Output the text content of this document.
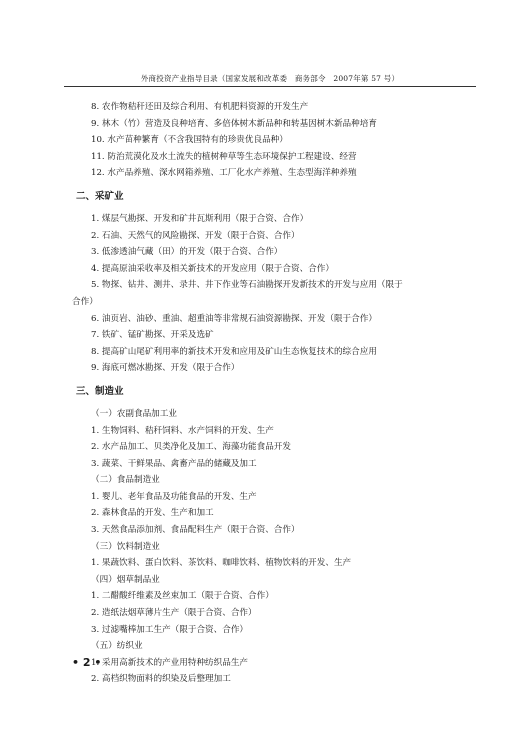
外商投资产业指导目录（国家发展和改革委　商务部令　2007年第 57 号）
8. 农作物秸秆还田及综合利用、有机肥料资源的开发生产
9. 林木（竹）营造及良种培育、多倍体树木新品种和转基因树木新品种培育
10. 水产苗种繁育（不含我国特有的珍贵优良品种）
11. 防治荒漠化及水土流失的植树种草等生态环境保护工程建设、经营
12. 水产品养殖、深水网箱养殖、工厂化水产养殖、生态型海洋种养殖
二、采矿业
1. 煤层气勘探、开发和矿井瓦斯利用（限于合资、合作）
2. 石油、天然气的风险勘探、开发（限于合资、合作）
3. 低渗透油气藏（田）的开发（限于合资、合作）
4. 提高原油采收率及相关新技术的开发应用（限于合资、合作）
5. 物探、钻井、测井、录井、井下作业等石油勘探开发新技术的开发与应用（限于
合作）
6. 油页岩、油砂、重油、超重油等非常规石油资源勘探、开发（限于合作）
7. 铁矿、锰矿勘探、开采及选矿
8. 提高矿山尾矿利用率的新技术开发和应用及矿山生态恢复技术的综合应用
9. 海底可燃冰勘探、开发（限于合作）
三、制造业
（一）农副食品加工业
1. 生物饲料、秸秆饲料、水产饲料的开发、生产
2. 水产品加工、贝类净化及加工、海藻功能食品开发
3. 蔬菜、干鲜果品、禽畜产品的储藏及加工
（二）食品制造业
1. 婴儿、老年食品及功能食品的开发、生产
2. 森林食品的开发、生产和加工
3. 天然食品添加剂、食品配料生产（限于合资、合作）
（三）饮料制造业
1. 果蔬饮料、蛋白饮料、茶饮料、咖啡饮料、植物饮料的开发、生产
（四）烟草制品业
1. 二醋酸纤维素及丝束加工（限于合资、合作）
2. 造纸法烟草薄片生产（限于合资、合作）
3. 过滤嘴棒加工生产（限于合资、合作）
（五）纺织业
1. 采用高新技术的产业用特种纺织品生产
2. 高档织物面料的织染及后整理加工
• 2 •
